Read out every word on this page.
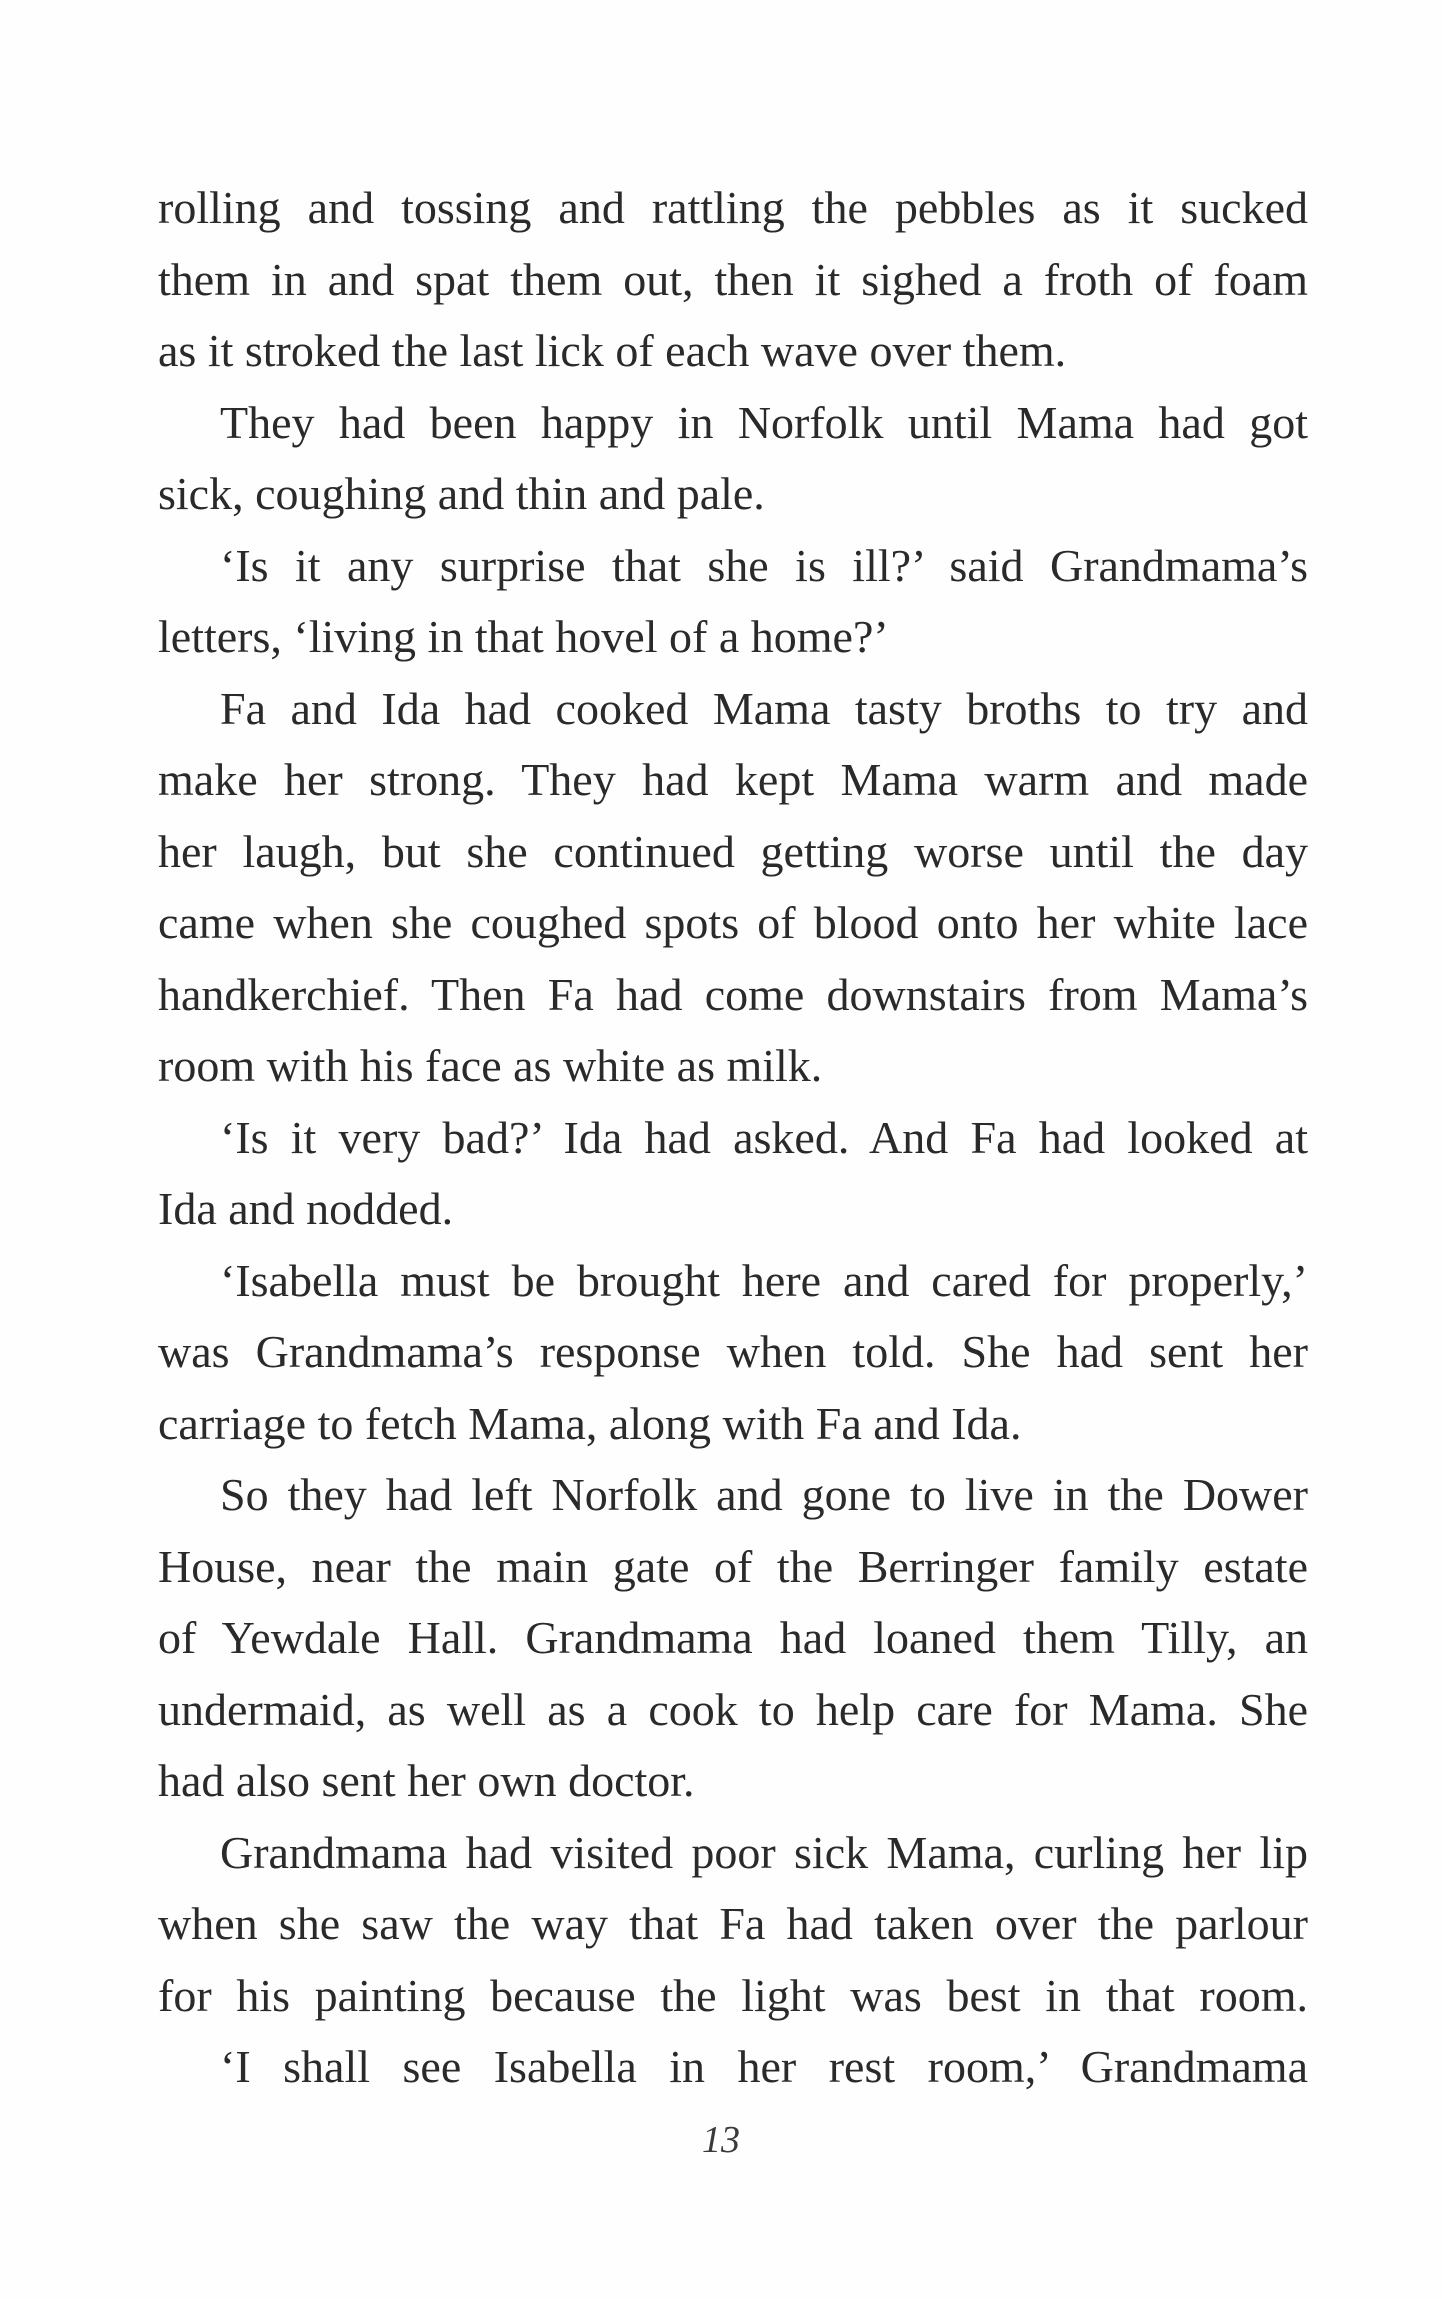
rolling and tossing and rattling the pebbles as it sucked
them in and spat them out, then it sighed a froth of foam
as it stroked the last lick of each wave over them.
They had been happy in Norfolk until Mama had got
sick, coughing and thin and pale.
‘Is it any surprise that she is ill?’ said Grandmama’s
letters, ‘living in that hovel of a home?’
Fa and Ida had cooked Mama tasty broths to try and
make her strong. They had kept Mama warm and made
her laugh, but she continued getting worse until the day
came when she coughed spots of blood onto her white lace
handkerchief. Then Fa had come downstairs from Mama’s
room with his face as white as milk.
‘Is it very bad?’ Ida had asked. And Fa had looked at
Ida and nodded.
‘Isabella must be brought here and cared for properly,’
was Grandmama’s response when told. She had sent her
carriage to fetch Mama, along with Fa and Ida.
So they had left Norfolk and gone to live in the Dower
House, near the main gate of the Berringer family estate
of Yewdale Hall. Grandmama had loaned them Tilly, an
undermaid, as well as a cook to help care for Mama. She
had also sent her own doctor.
Grandmama had visited poor sick Mama, curling her lip
when she saw the way that Fa had taken over the parlour
for his painting because the light was best in that room.
‘I shall see Isabella in her rest room,’ Grandmama
13
